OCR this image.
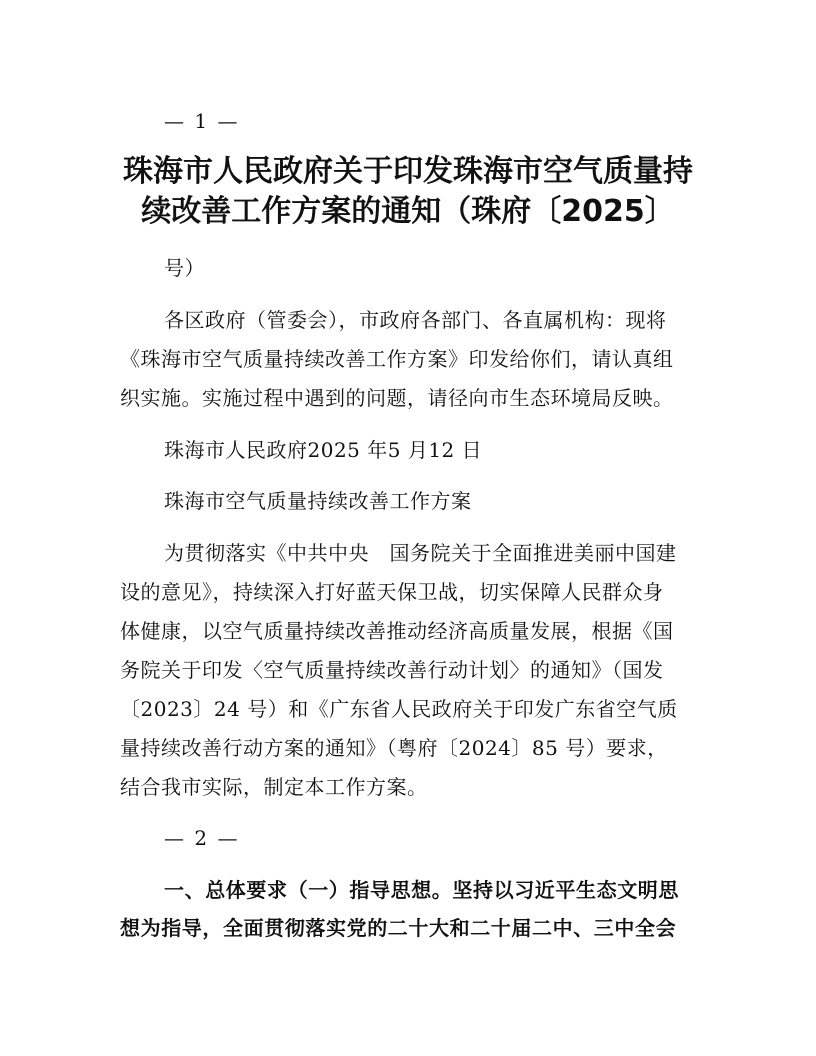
— 1 —
珠海市人民政府关于印发珠海市空气质量持
续改善工作方案的通知（珠府〔2025〕
号）
各区政府（管委会），市政府各部门、各直属机构：现将
《珠海市空气质量持续改善工作方案》印发给你们，请认真组
织实施。实施过程中遇到的问题，请径向市生态环境局反映。
珠海市人民政府2025 年5 月12 日
珠海市空气质量持续改善工作方案
为贯彻落实《中共中央　国务院关于全面推进美丽中国建
设的意见》，持续深入打好蓝天保卫战，切实保障人民群众身
体健康，以空气质量持续改善推动经济高质量发展，根据《国
务院关于印发〈空气质量持续改善行动计划〉的通知》（国发
〔2023〕24 号）和《广东省人民政府关于印发广东省空气质
量持续改善行动方案的通知》（粤府〔2024〕85 号）要求，
结合我市实际，制定本工作方案。
— 2 —
一、总体要求（一）指导思想。坚持以习近平生态文明思
想为指导，全面贯彻落实党的二十大和二十届二中、三中全会
